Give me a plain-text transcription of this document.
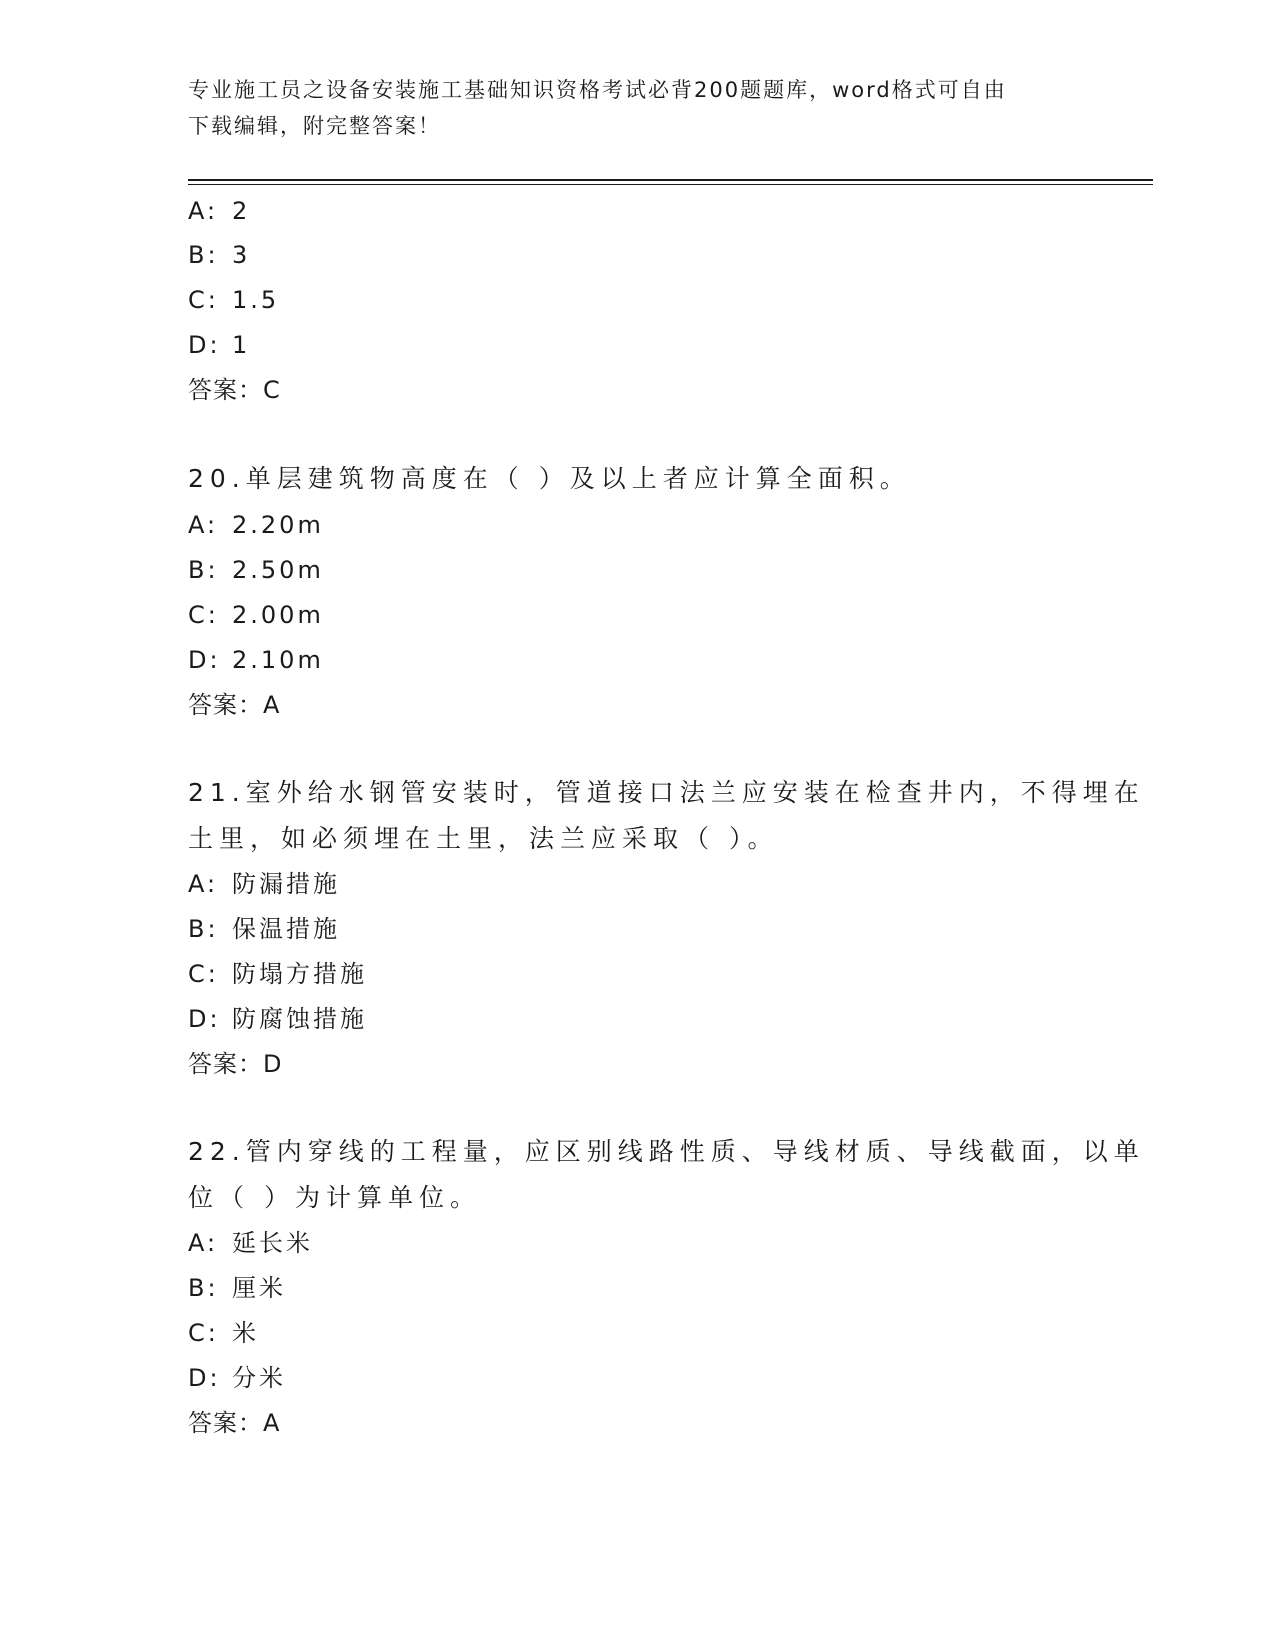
专业施工员之设备安装施工基础知识资格考试必背200题题库，word格式可自由
下载编辑，附完整答案！
A: 2
B: 3
C: 1.5
D: 1
答案：C
20.单层建筑物高度在（ ）及以上者应计算全面积。
A: 2.20m
B: 2.50m
C: 2.00m
D: 2.10m
答案：A
21.室外给水钢管安装时，管道接口法兰应安装在检查井内，不得埋在
土里，如必须埋在土里，法兰应采取（ ）。
A: 防漏措施
B: 保温措施
C: 防塌方措施
D: 防腐蚀措施
答案：D
22.管内穿线的工程量，应区别线路性质、导线材质、导线截面，以单
位（ ）为计算单位。
A: 延长米
B: 厘米
C: 米
D: 分米
答案：A
